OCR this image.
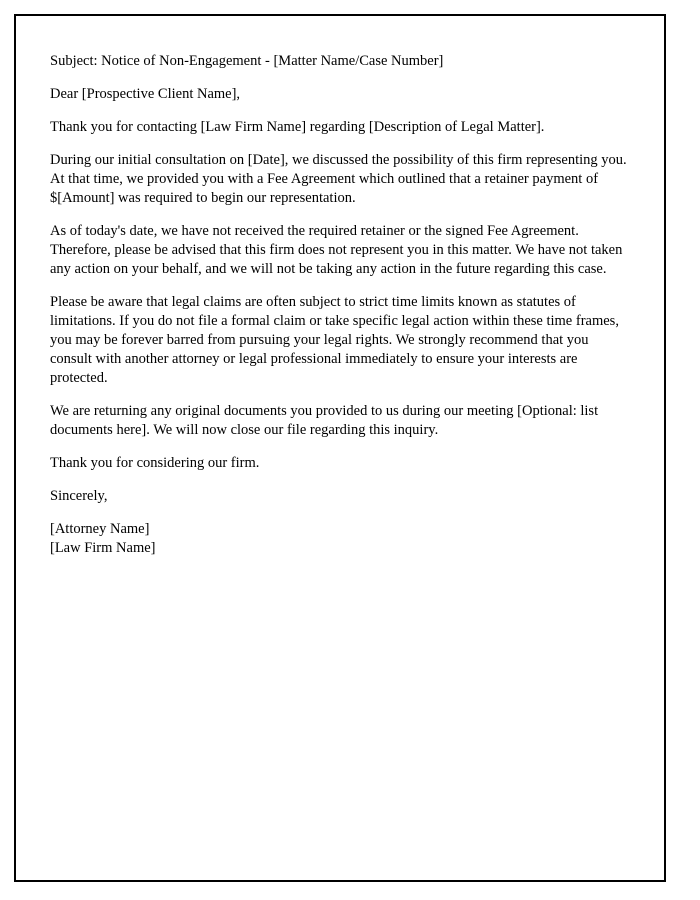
Subject: Notice of Non-Engagement - [Matter Name/Case Number]

Dear [Prospective Client Name],

Thank you for contacting [Law Firm Name] regarding [Description of Legal Matter].

During our initial consultation on [Date], we discussed the possibility of this firm representing you. At that time, we provided you with a Fee Agreement which outlined that a retainer payment of $[Amount] was required to begin our representation.

As of today's date, we have not received the required retainer or the signed Fee Agreement. Therefore, please be advised that this firm does not represent you in this matter. We have not taken any action on your behalf, and we will not be taking any action in the future regarding this case.

Please be aware that legal claims are often subject to strict time limits known as statutes of limitations. If you do not file a formal claim or take specific legal action within these time frames, you may be forever barred from pursuing your legal rights. We strongly recommend that you consult with another attorney or legal professional immediately to ensure your interests are protected.

We are returning any original documents you provided to us during our meeting [Optional: list documents here]. We will now close our file regarding this inquiry.

Thank you for considering our firm.

Sincerely,

[Attorney Name]
[Law Firm Name]
